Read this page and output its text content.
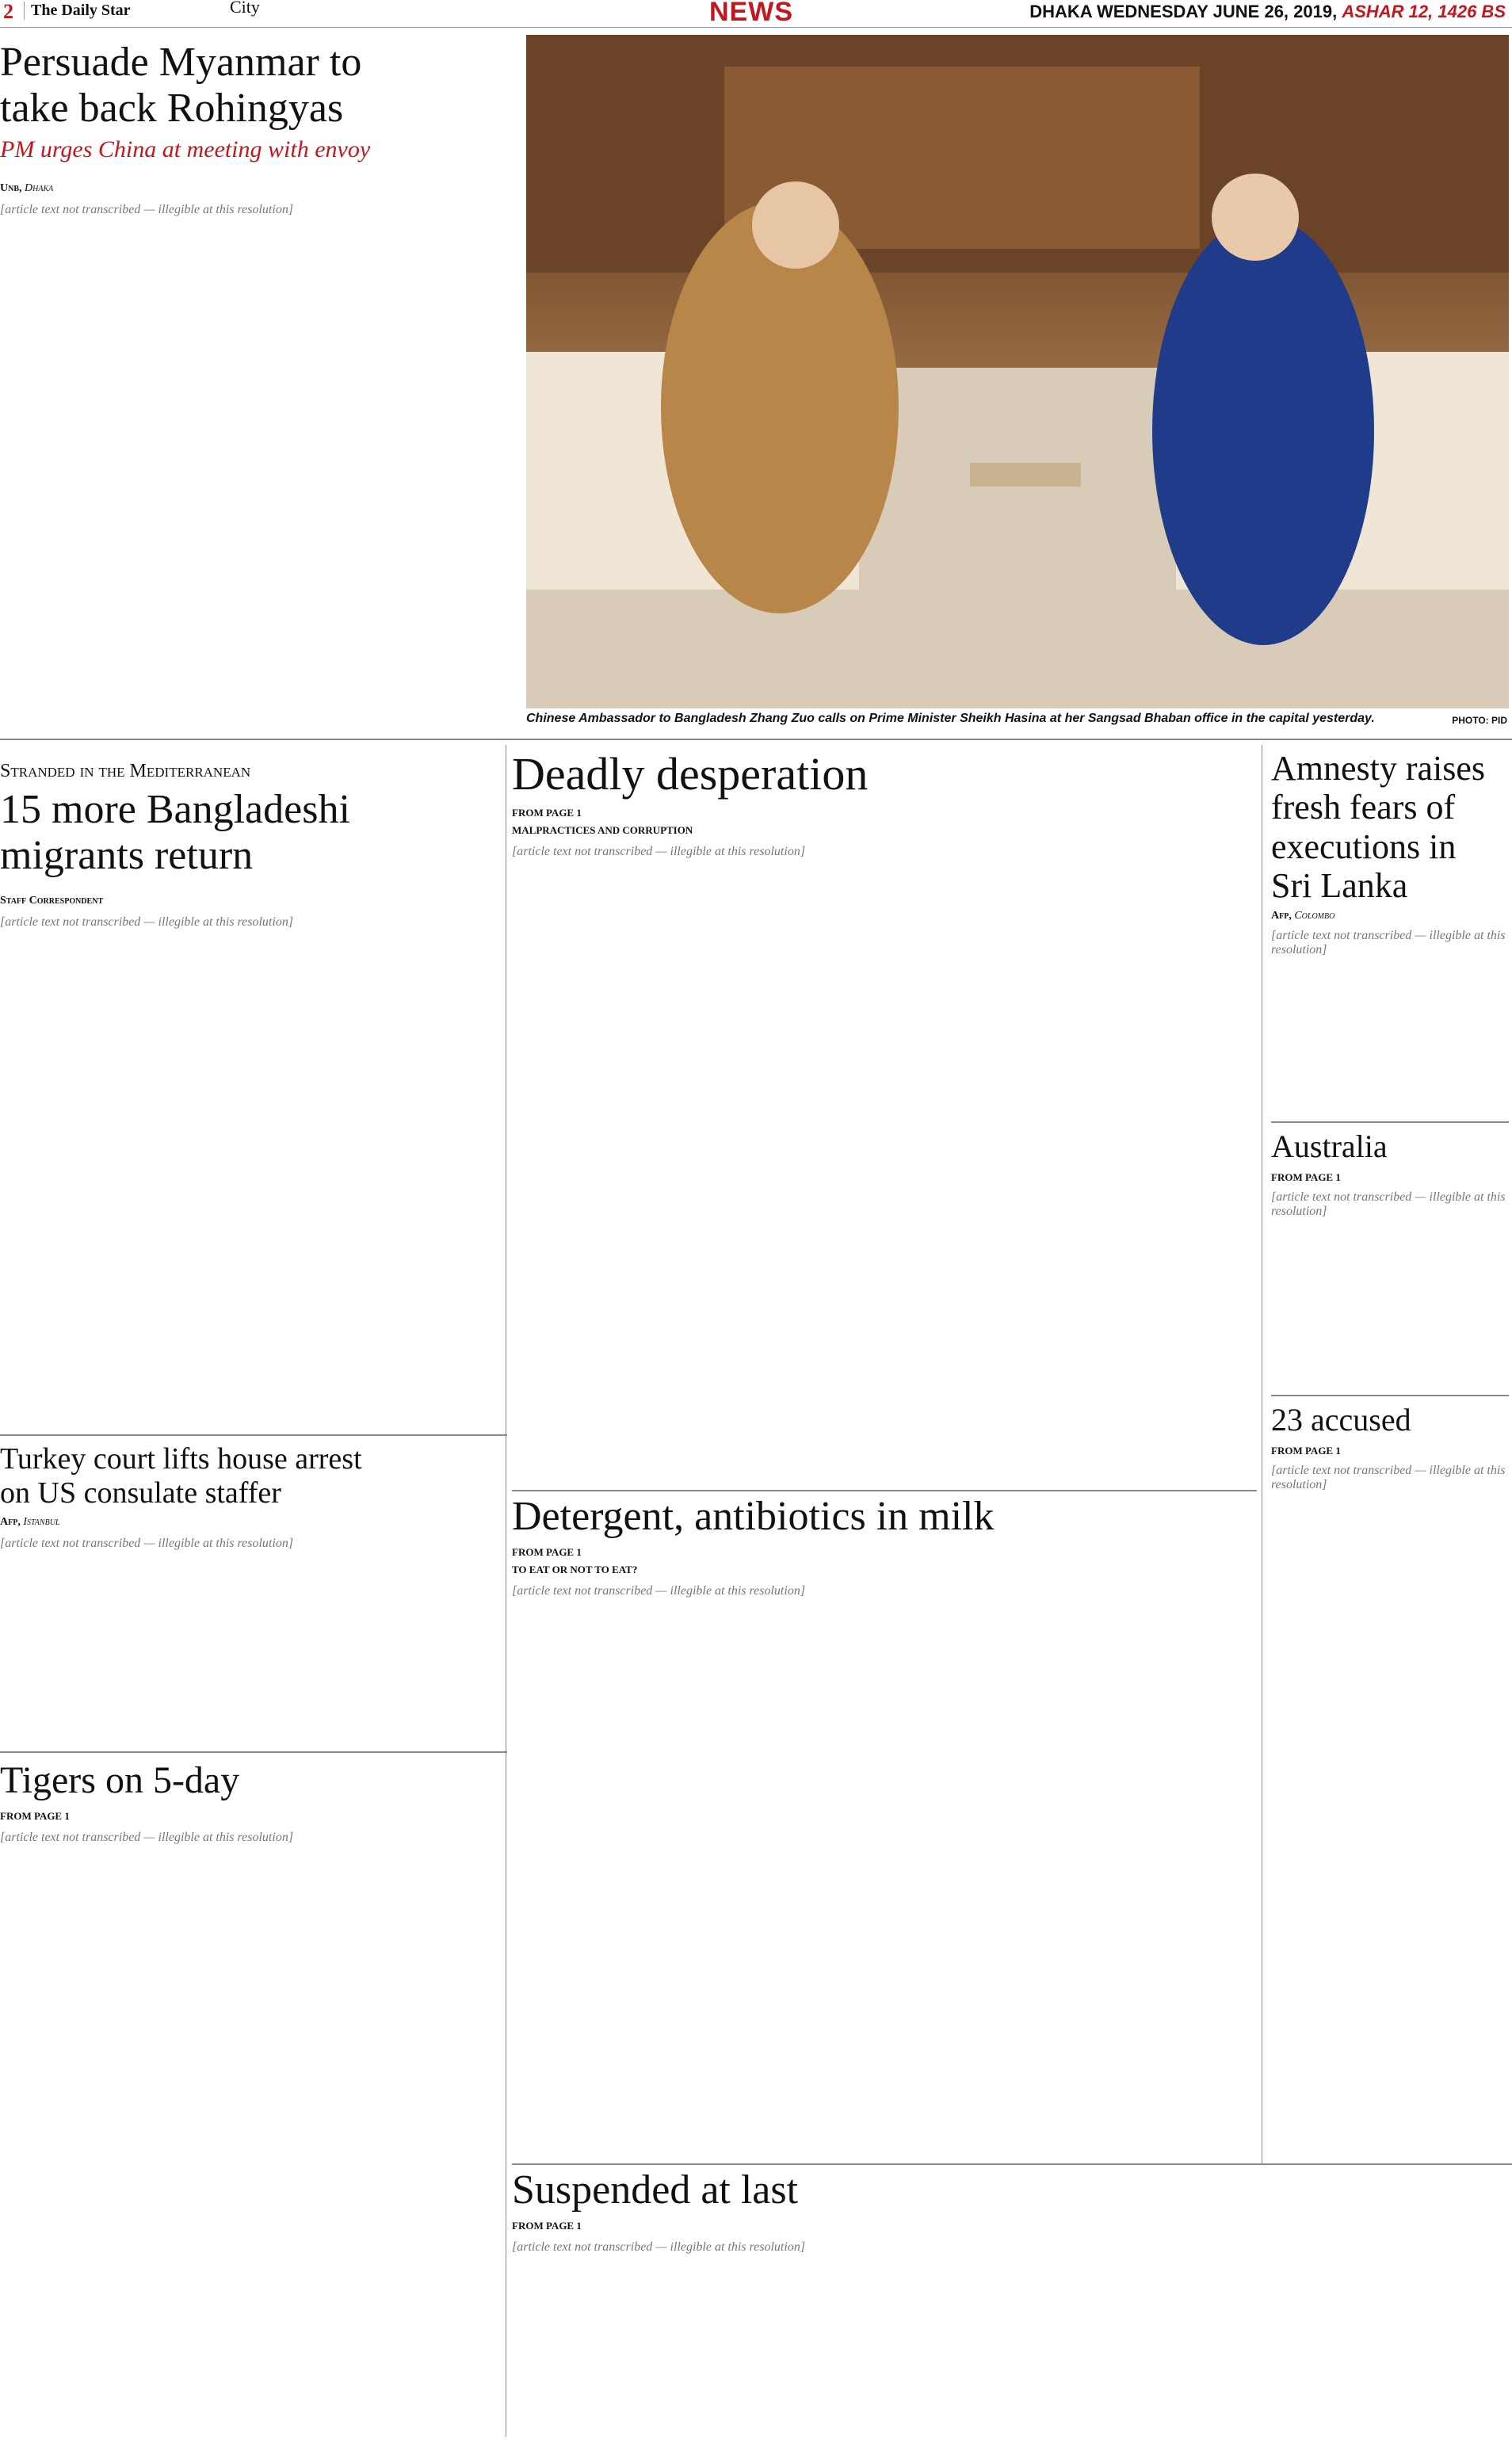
2	The Daily Star	City	NEWS	DHAKA WEDNESDAY JUNE 26, 2019, ASHAR 12, 1426 BS
Persuade Myanmar to
take back Rohingyas
PM urges China at meeting with envoy
Unb, Dhaka
[article text not transcribed — illegible at this resolution]
Chinese Ambassador to Bangladesh Zhang Zuo calls on Prime Minister Sheikh Hasina at her Sangsad Bhaban office in the capital yesterday.	PHOTO: PID
Stranded in the Mediterranean
15 more Bangladeshi
migrants return
Staff Correspondent
[article text not transcribed — illegible at this resolution]
Turkey court lifts house arrest
on US consulate staffer
Afp, Istanbul
[article text not transcribed — illegible at this resolution]
Tigers on 5-day
FROM PAGE 1
[article text not transcribed — illegible at this resolution]
Deadly desperation
FROM PAGE 1
MALPRACTICES AND CORRUPTION
[article text not transcribed — illegible at this resolution]
Detergent, antibiotics in milk
FROM PAGE 1
TO EAT OR NOT TO EAT?
[article text not transcribed — illegible at this resolution]
Suspended at last
FROM PAGE 1
[article text not transcribed — illegible at this resolution]
Amnesty raises
fresh fears of
executions in
Sri Lanka
Afp, Colombo
[article text not transcribed — illegible at this resolution]
Australia
FROM PAGE 1
[article text not transcribed — illegible at this resolution]
23 accused
FROM PAGE 1
[article text not transcribed — illegible at this resolution]
